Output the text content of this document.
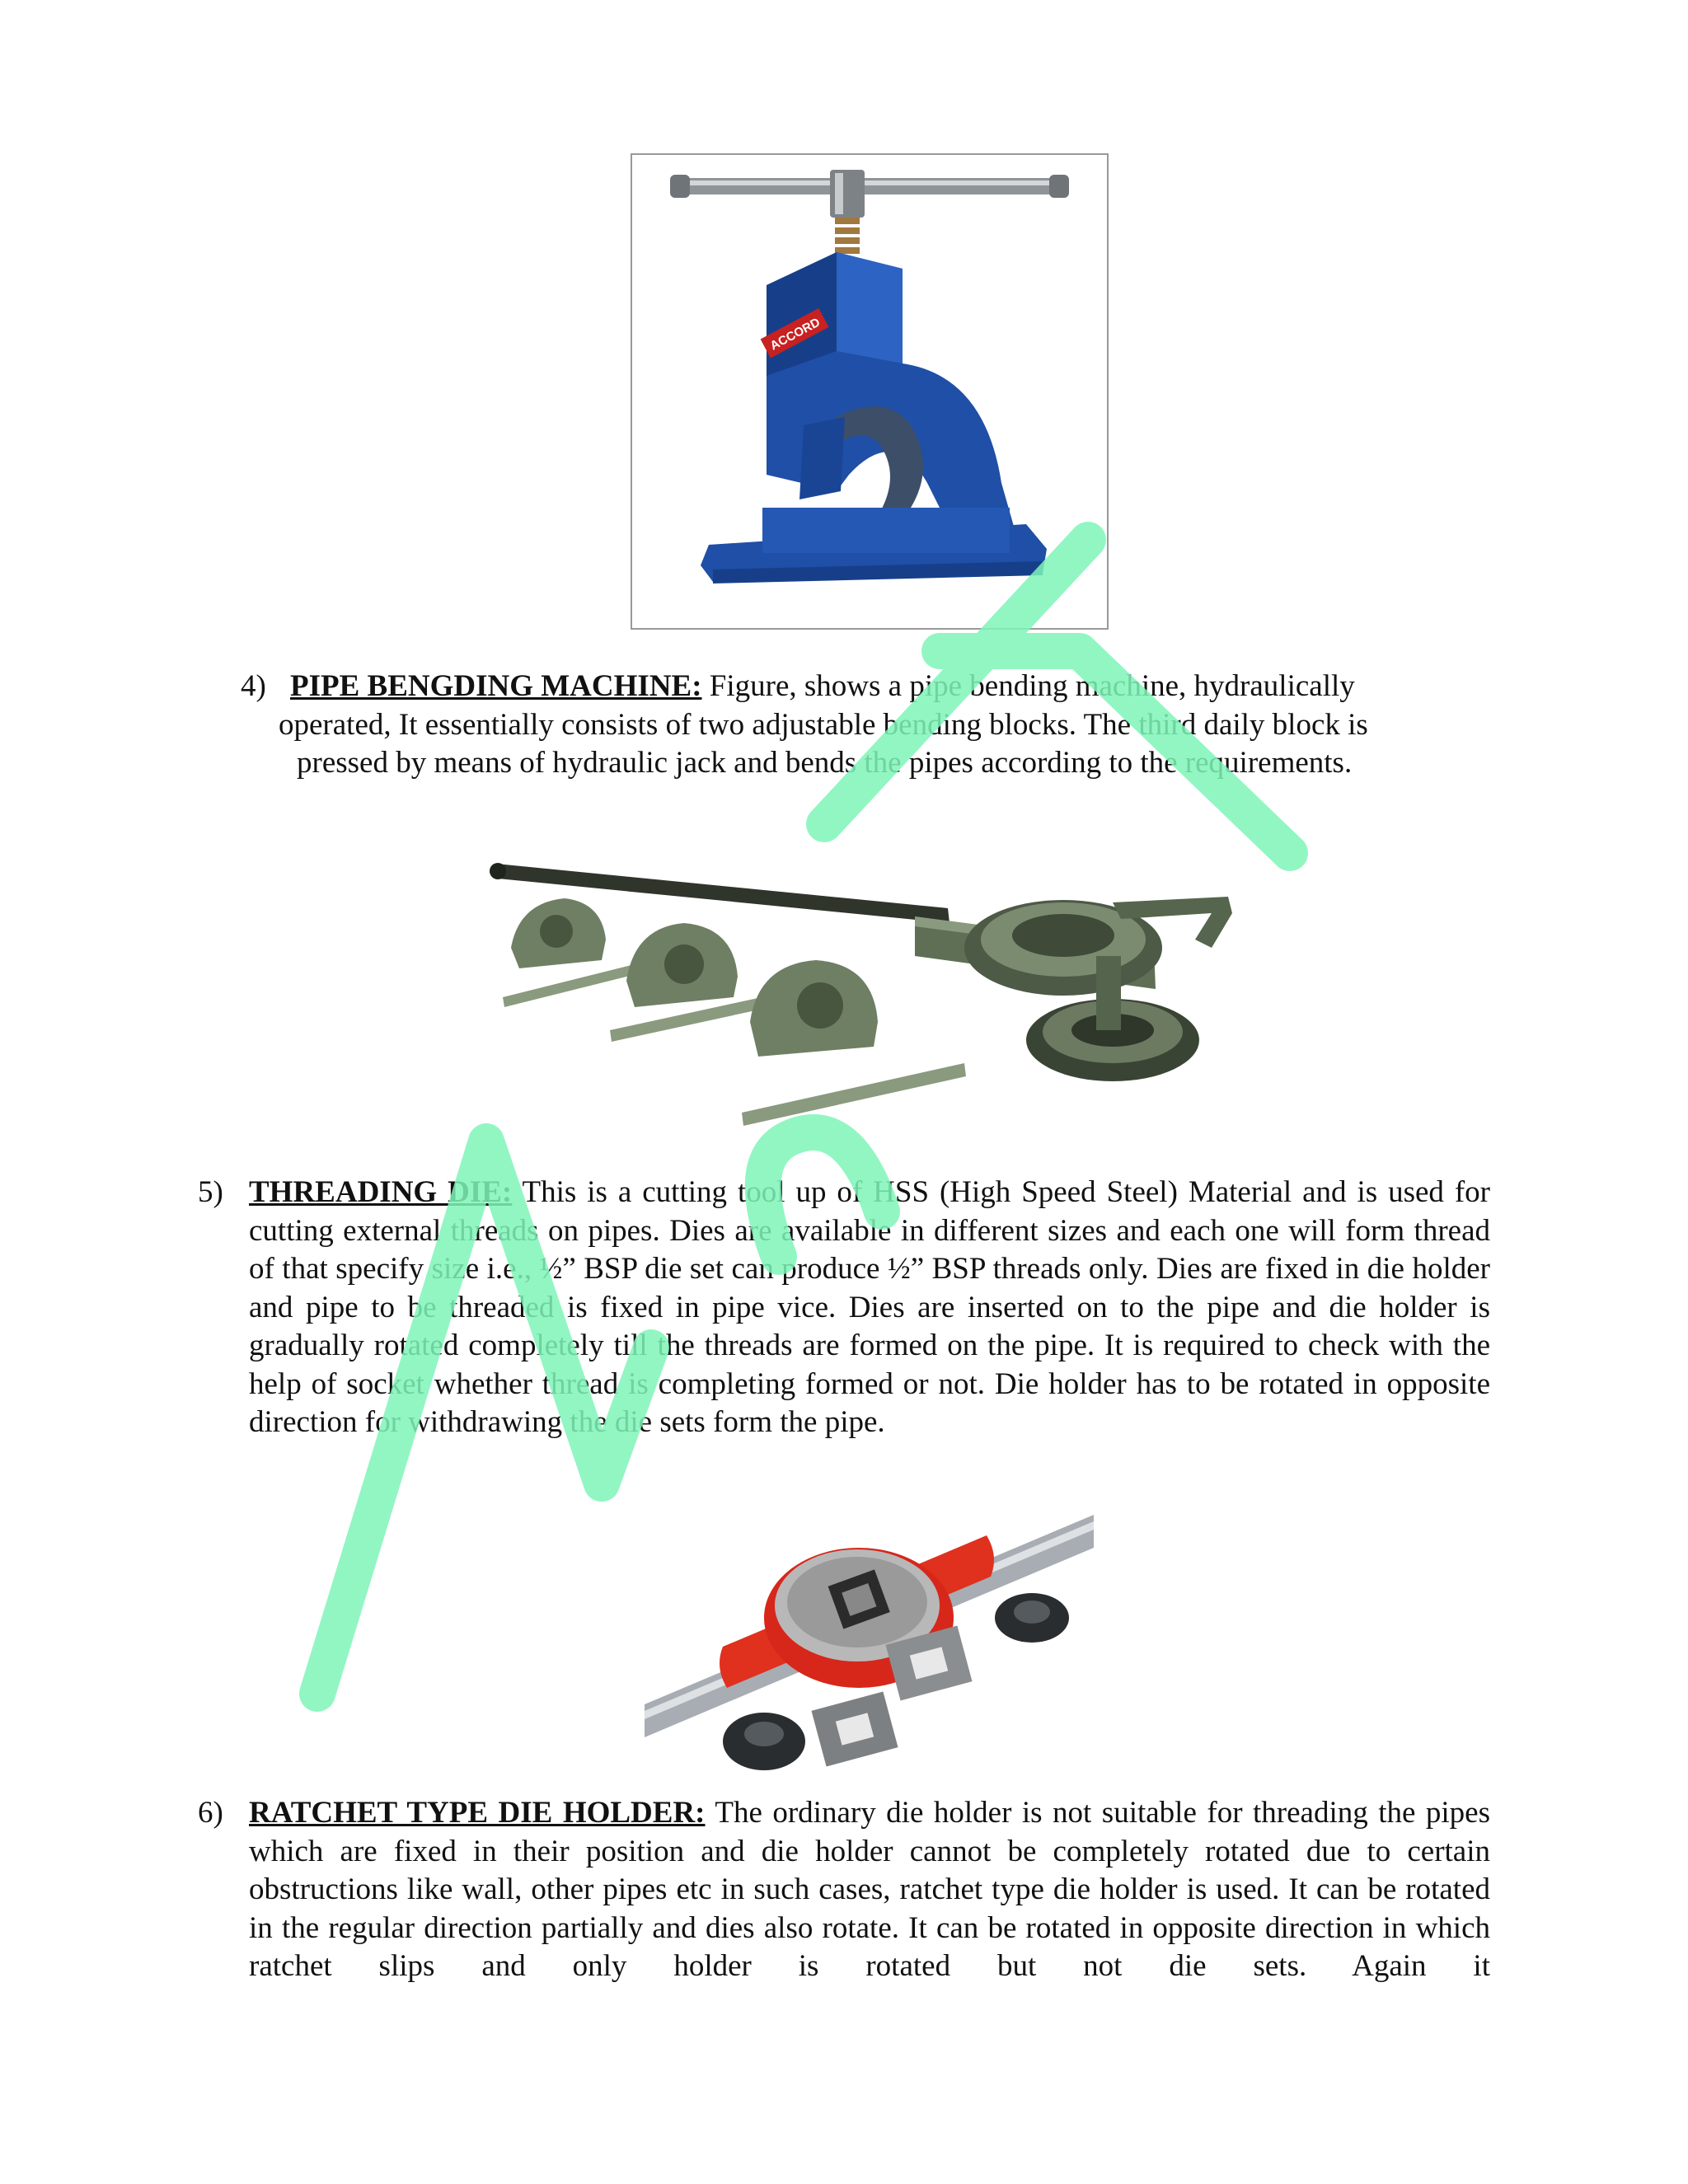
ACCORD
4) PIPE BENGDING MACHINE: Figure, shows a pipe bending machine, hydraulically
operated, It essentially consists of two adjustable bending blocks. The third daily block is
pressed by means of hydraulic jack and bends the pipes according to the requirements.
5) THREADING DIE: This is a cutting tool up of HSS (High Speed Steel) Material and is used for cutting external threads on pipes. Dies are available in different sizes and each one will form thread of that specify size i.e., ½” BSP die set can produce ½” BSP threads only. Dies are fixed in die holder and pipe to be threaded is fixed in pipe vice. Dies are inserted on to the pipe and die holder is gradually rotated completely till the threads are formed on the pipe. It is required to check with the help of socket whether thread is completing formed or not. Die holder has to be rotated in opposite direction for withdrawing the die sets form the pipe.
6) RATCHET TYPE DIE HOLDER: The ordinary die holder is not suitable for threading the pipes which are fixed in their position and die holder cannot be completely rotated due to certain obstructions like wall, other pipes etc in such cases, ratchet type die holder is used. It can be rotated in the regular direction partially and dies also rotate. It can be rotated in opposite direction in which ratchet slips and only holder is rotated but not die sets. Again it
